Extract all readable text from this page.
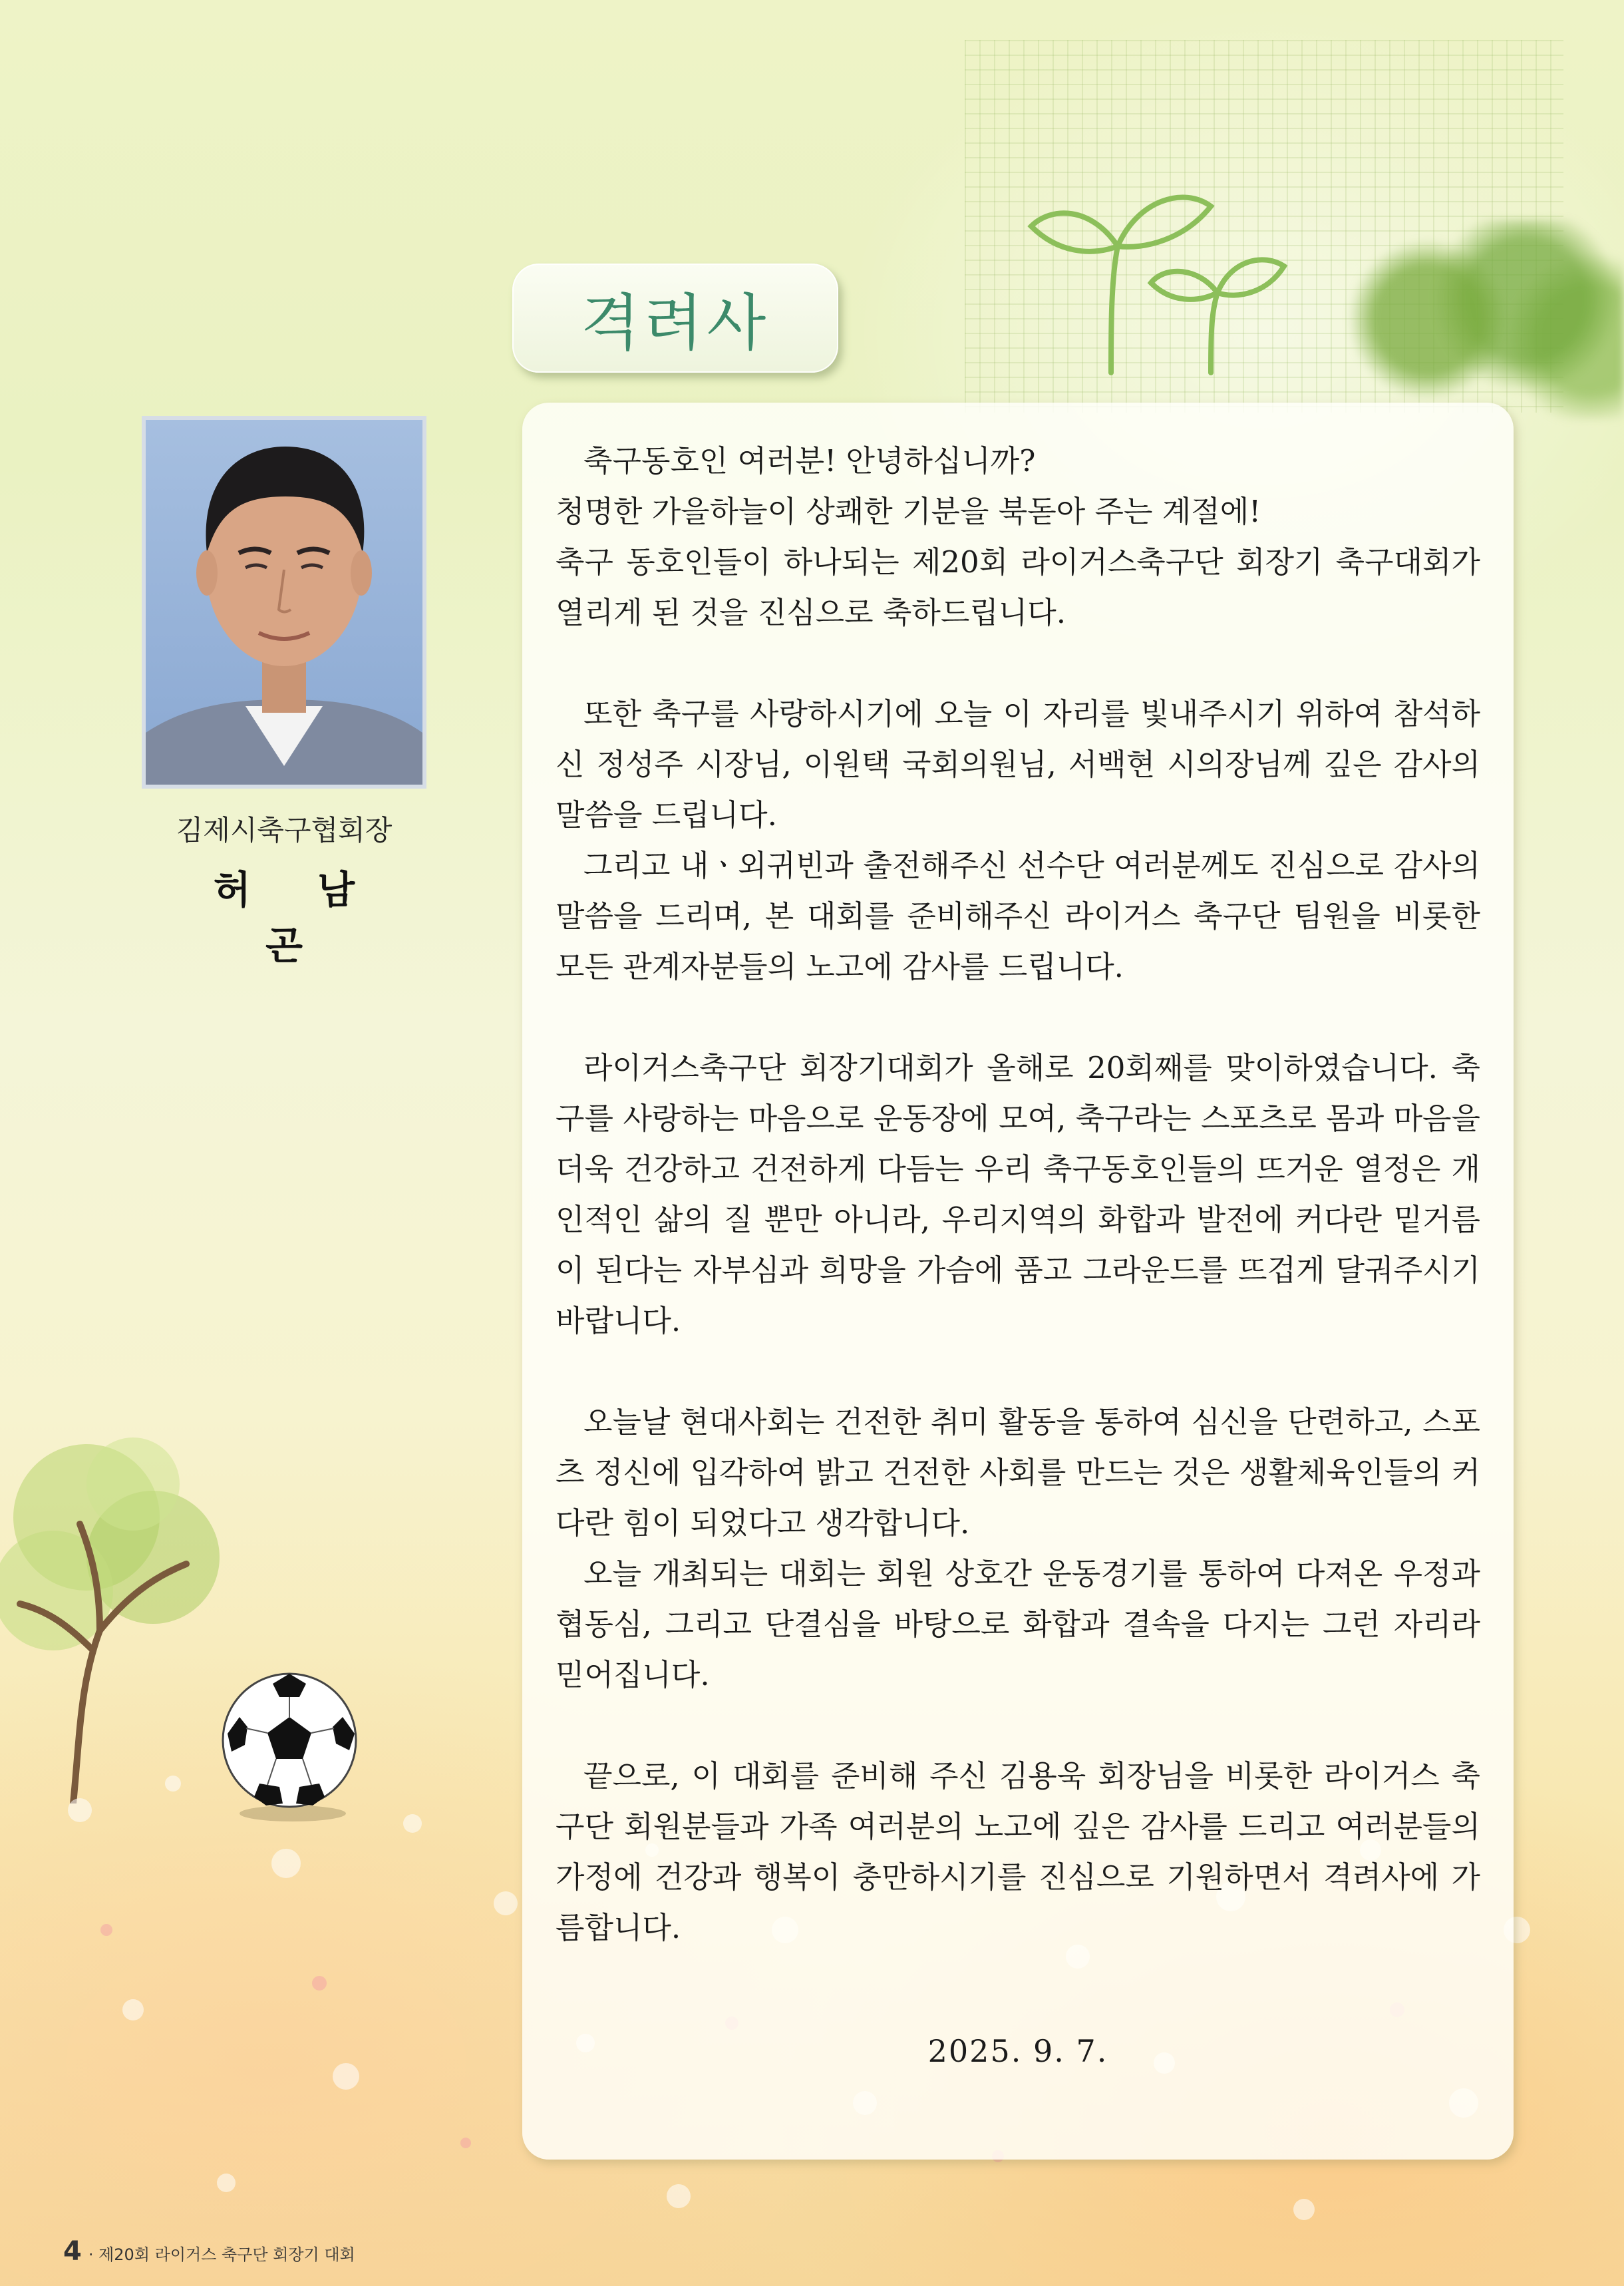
격려사
김제시축구협회장
허 남 곤

축구동호인 여러분! 안녕하십니까?

청명한 가을하늘이 상쾌한 기분을 북돋아 주는 계절에!

축구 동호인들이 하나되는 제20회 라이거스축구단 회장기 축구대회가 열리게 된 것을 진심으로 축하드립니다.

또한 축구를 사랑하시기에 오늘 이 자리를 빛내주시기 위하여 참석하신 정성주 시장님, 이원택 국회의원님, 서백현 시의장님께 깊은 감사의 말씀을 드립니다.

그리고 내ㆍ외귀빈과 출전해주신 선수단 여러분께도 진심으로 감사의 말씀을 드리며, 본 대회를 준비해주신 라이거스 축구단 팀원을 비롯한 모든 관계자분들의 노고에 감사를 드립니다.

라이거스축구단 회장기대회가 올해로 20회째를 맞이하였습니다. 축구를 사랑하는 마음으로 운동장에 모여, 축구라는 스포츠로 몸과 마음을 더욱 건강하고 건전하게 다듬는 우리 축구동호인들의 뜨거운 열정은 개인적인 삶의 질 뿐만 아니라, 우리지역의 화합과 발전에 커다란 밑거름이 된다는 자부심과 희망을 가슴에 품고 그라운드를 뜨겁게 달궈주시기 바랍니다.

오늘날 현대사회는 건전한 취미 활동을 통하여 심신을 단련하고, 스포츠 정신에 입각하여 밝고 건전한 사회를 만드는 것은 생활체육인들의 커다란 힘이 되었다고 생각합니다.

오늘 개최되는 대회는 회원 상호간 운동경기를 통하여 다져온 우정과 협동심, 그리고 단결심을 바탕으로 화합과 결속을 다지는 그런 자리라 믿어집니다.

끝으로, 이 대회를 준비해 주신 김용욱 회장님을 비롯한 라이거스 축구단 회원분들과 가족 여러분의 노고에 깊은 감사를 드리고 여러분들의 가정에 건강과 행복이 충만하시기를 진심으로 기원하면서 격려사에 가름합니다.

2025. 9. 7.
4 · 제20회 라이거스 축구단 회장기 대회
